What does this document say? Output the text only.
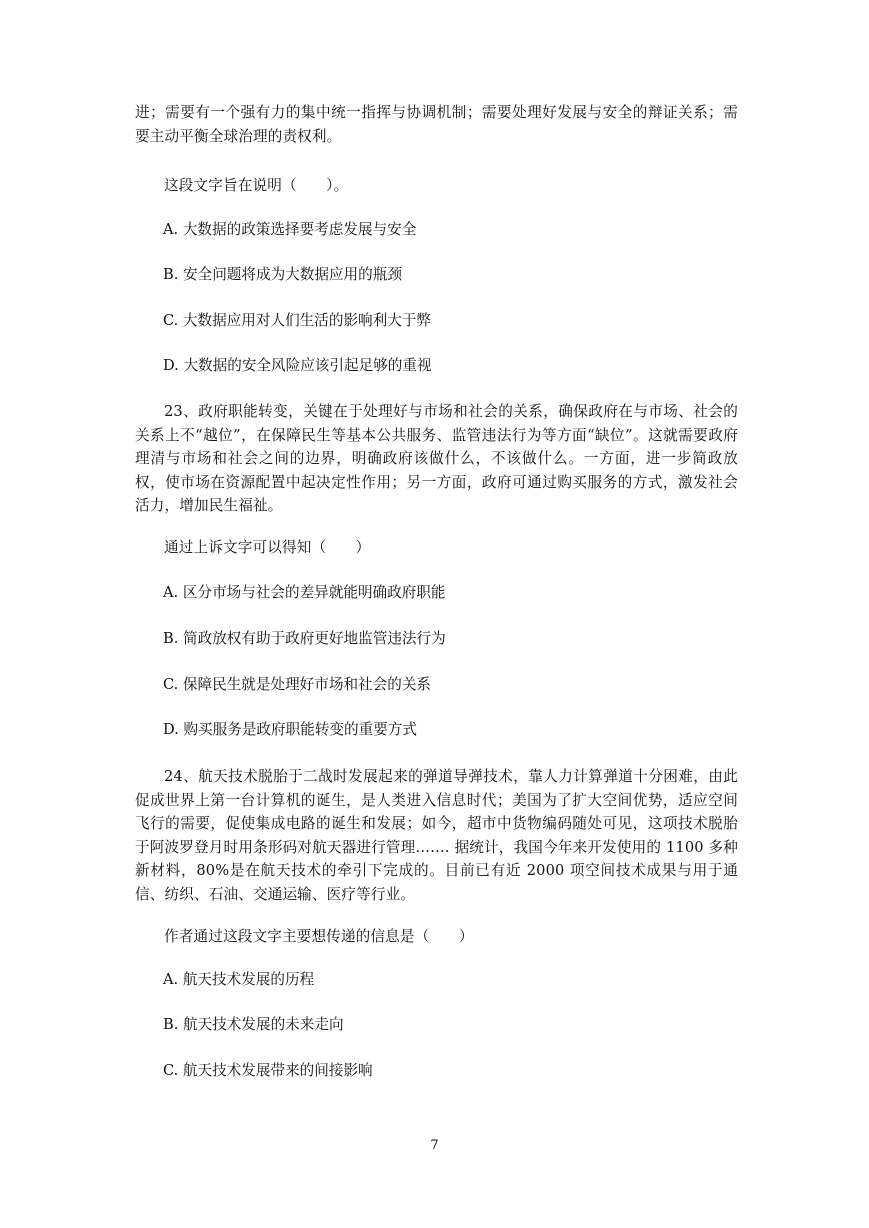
进；需要有一个强有力的集中统一指挥与协调机制；需要处理好发展与安全的辩证关系；需要主动平衡全球治理的责权利。

这段文字旨在说明（　　）。

A. 大数据的政策选择要考虑发展与安全

B. 安全问题将成为大数据应用的瓶颈

C. 大数据应用对人们生活的影响利大于弊

D. 大数据的安全风险应该引起足够的重视

23、政府职能转变，关键在于处理好与市场和社会的关系，确保政府在与市场、社会的关系上不“越位”，在保障民生等基本公共服务、监管违法行为等方面“缺位”。这就需要政府理清与市场和社会之间的边界，明确政府该做什么，不该做什么。一方面，进一步简政放权，使市场在资源配置中起决定性作用；另一方面，政府可通过购买服务的方式，激发社会活力，增加民生福祉。

通过上诉文字可以得知（　　）

A. 区分市场与社会的差异就能明确政府职能

B. 简政放权有助于政府更好地监管违法行为

C. 保障民生就是处理好市场和社会的关系

D. 购买服务是政府职能转变的重要方式

24、航天技术脱胎于二战时发展起来的弹道导弹技术，靠人力计算弹道十分困难，由此促成世界上第一台计算机的诞生，是人类进入信息时代；美国为了扩大空间优势，适应空间飞行的需要，促使集成电路的诞生和发展；如今，超市中货物编码随处可见，这项技术脱胎于阿波罗登月时用条形码对航天器进行管理……. 据统计，我国今年来开发使用的 1100 多种新材料，80%是在航天技术的牵引下完成的。目前已有近 2000 项空间技术成果与用于通信、纺织、石油、交通运输、医疗等行业。

作者通过这段文字主要想传递的信息是（　　）

A. 航天技术发展的历程

B. 航天技术发展的未来走向

C. 航天技术发展带来的间接影响

7
